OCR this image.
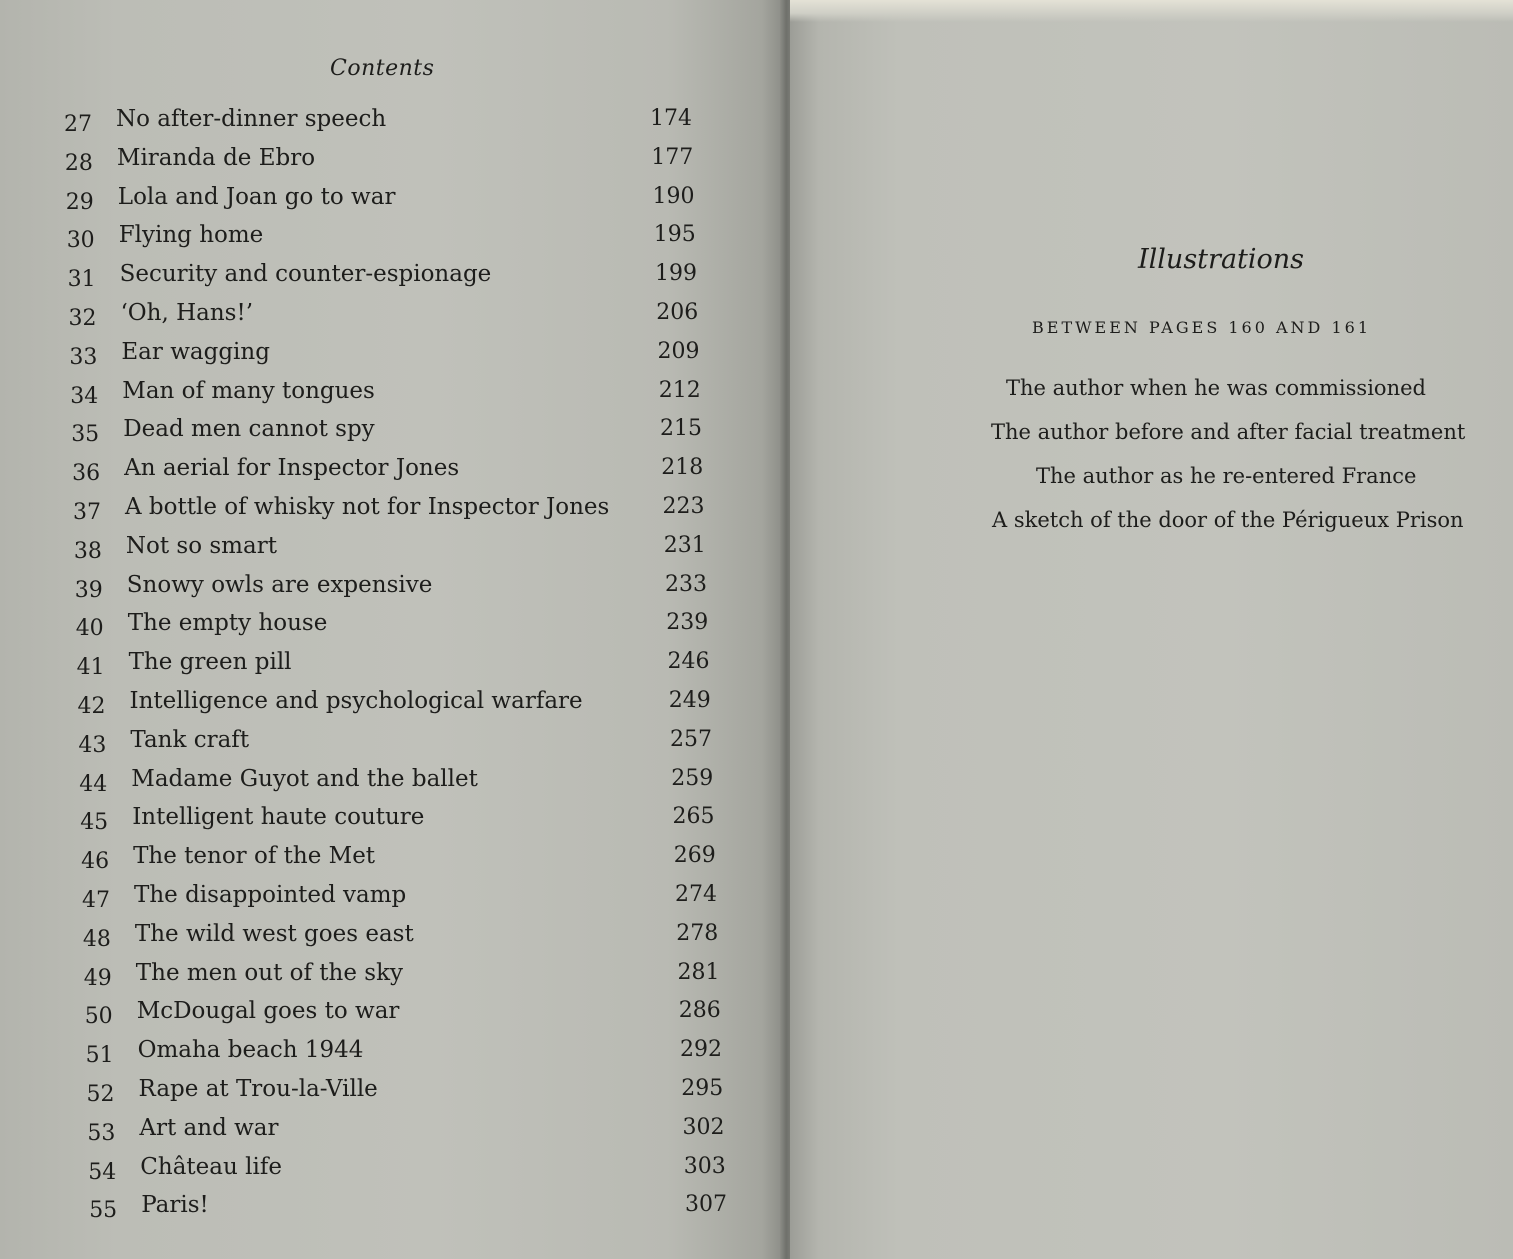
Contents
27	No after-dinner speech	174
28	Miranda de Ebro	177
29	Lola and Joan go to war	190
30	Flying home	195
31	Security and counter-espionage	199
32	‘Oh, Hans!’	206
33	Ear wagging	209
34	Man of many tongues	212
35	Dead men cannot spy	215
36	An aerial for Inspector Jones	218
37	A bottle of whisky not for Inspector Jones	223
38	Not so smart	231
39	Snowy owls are expensive	233
40	The empty house	239
41	The green pill	246
42	Intelligence and psychological warfare	249
43	Tank craft	257
44	Madame Guyot and the ballet	259
45	Intelligent haute couture	265
46	The tenor of the Met	269
47	The disappointed vamp	274
48	The wild west goes east	278
49	The men out of the sky	281
50	McDougal goes to war	286
51	Omaha beach 1944	292
52	Rape at Trou-la-Ville	295
53	Art and war	302
54	Château life	303
55	Paris!	307
Illustrations
BETWEEN PAGES 160 AND 161
The author when he was commissioned
The author before and after facial treatment
The author as he re-entered France
A sketch of the door of the Périgueux Prison
